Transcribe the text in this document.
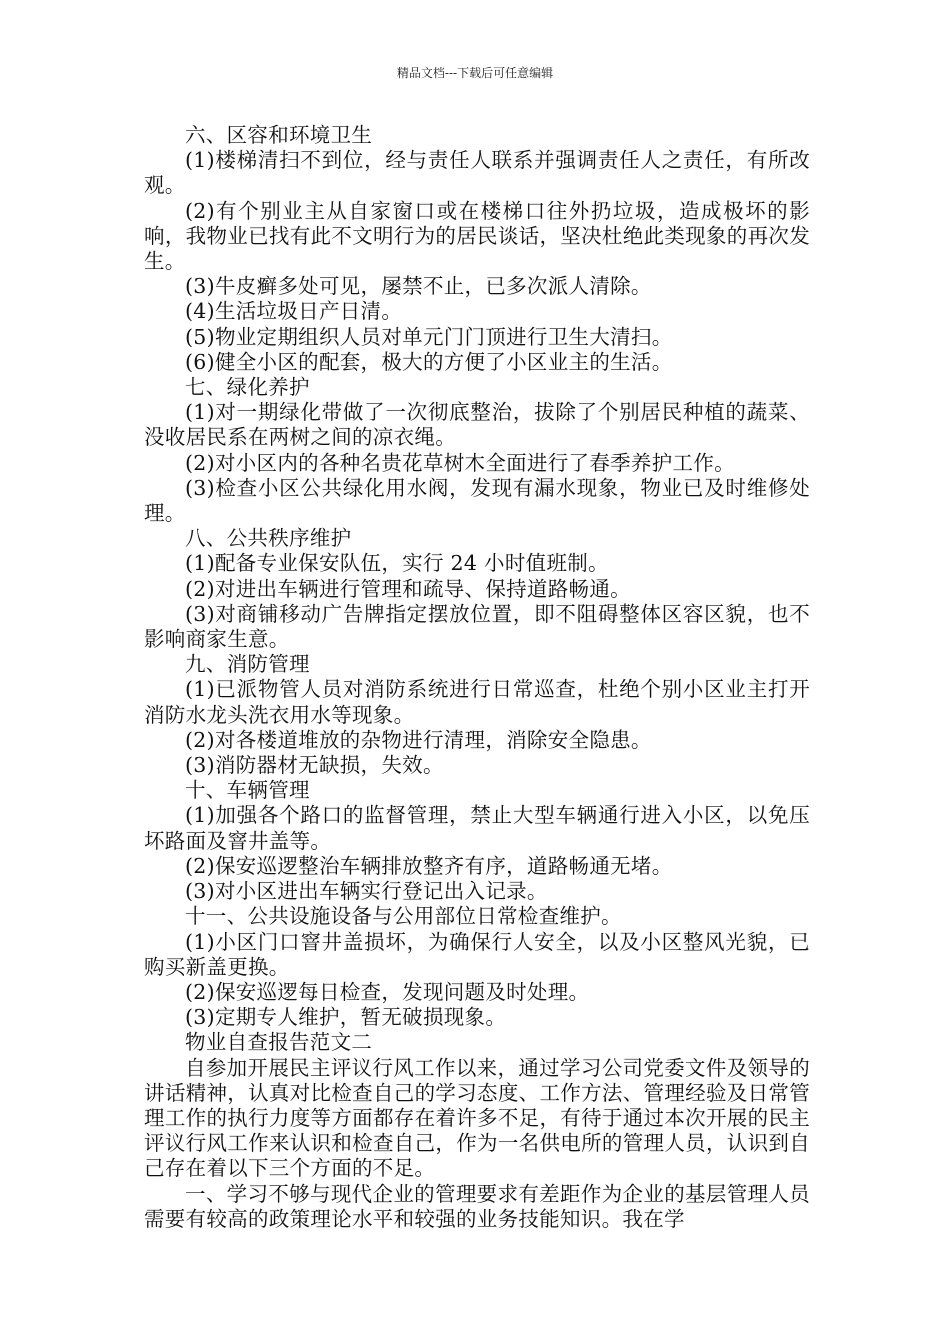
精品文档---下载后可任意编辑

六、区容和环境卫生

(1)楼梯清扫不到位，经与责任人联系并强调责任人之责任，有所改观。

(2)有个别业主从自家窗口或在楼梯口往外扔垃圾，造成极坏的影响，我物业已找有此不文明行为的居民谈话，坚决杜绝此类现象的再次发生。

(3)牛皮癣多处可见，屡禁不止，已多次派人清除。

(4)生活垃圾日产日清。

(5)物业定期组织人员对单元门门顶进行卫生大清扫。

(6)健全小区的配套，极大的方便了小区业主的生活。

七、绿化养护

(1)对一期绿化带做了一次彻底整治，拔除了个别居民种植的蔬菜、没收居民系在两树之间的凉衣绳。

(2)对小区内的各种名贵花草树木全面进行了春季养护工作。

(3)检查小区公共绿化用水阀，发现有漏水现象，物业已及时维修处理。

八、公共秩序维护

(1)配备专业保安队伍，实行 24 小时值班制。

(2)对进出车辆进行管理和疏导、保持道路畅通。

(3)对商铺移动广告牌指定摆放位置，即不阻碍整体区容区貌，也不影响商家生意。

九、消防管理

(1)已派物管人员对消防系统进行日常巡查，杜绝个别小区业主打开消防水龙头洗衣用水等现象。

(2)对各楼道堆放的杂物进行清理，消除安全隐患。

(3)消防器材无缺损，失效。

十、车辆管理

(1)加强各个路口的监督管理，禁止大型车辆通行进入小区，以免压坏路面及窨井盖等。

(2)保安巡逻整治车辆排放整齐有序，道路畅通无堵。

(3)对小区进出车辆实行登记出入记录。

十一、公共设施设备与公用部位日常检查维护。

(1)小区门口窨井盖损坏，为确保行人安全，以及小区整风光貌，已购买新盖更换。

(2)保安巡逻每日检查，发现问题及时处理。

(3)定期专人维护，暂无破损现象。

物业自查报告范文二

自参加开展民主评议行风工作以来，通过学习公司党委文件及领导的讲话精神，认真对比检查自己的学习态度、工作方法、管理经验及日常管理工作的执行力度等方面都存在着许多不足，有待于通过本次开展的民主评议行风工作来认识和检查自己，作为一名供电所的管理人员，认识到自己存在着以下三个方面的不足。

一、学习不够与现代企业的管理要求有差距作为企业的基层管理人员需要有较高的政策理论水平和较强的业务技能知识。我在学
